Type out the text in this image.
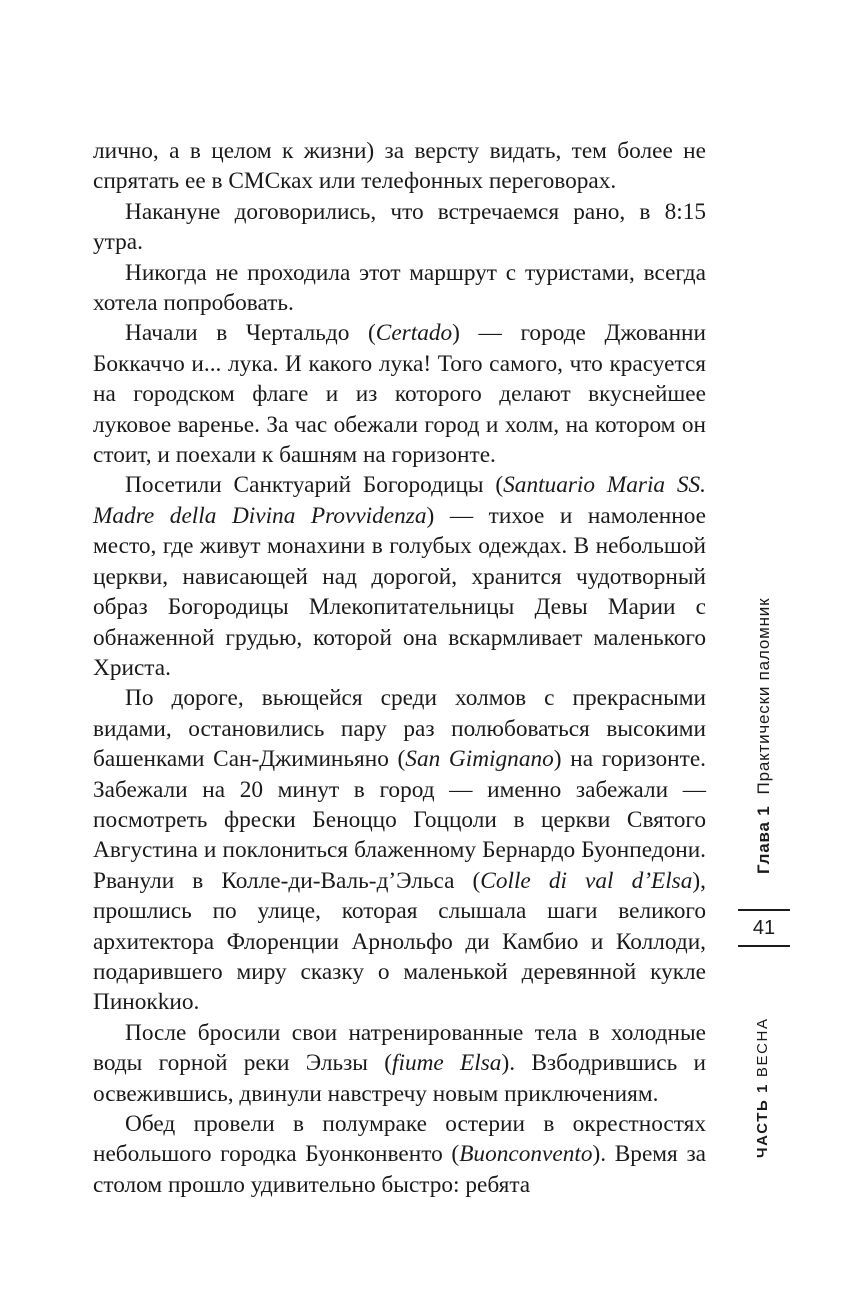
лично, а в целом к жизни) за версту видать, тем более не спрятать ее в СМСках или телефонных переговорах.

Накануне договорились, что встречаемся рано, в 8:15 утра.

Никогда не проходила этот маршрут с туристами, всегда хотела попробовать.

Начали в Чертальдо (Certado) — городе Джованни Боккаччо и... лука. И какого лука! Того самого, что красуется на городском флаге и из которого делают вкуснейшее луковое варенье. За час обежали город и холм, на котором он стоит, и поехали к башням на горизонте.

Посетили Санктуарий Богородицы (Santuario Maria SS. Madre della Divina Provvidenza) — тихое и намоленное место, где живут монахини в голубых одеждах. В небольшой церкви, нависающей над дорогой, хранится чудотворный образ Богородицы Млекопитательницы Девы Марии с обнаженной грудью, которой она вскармливает маленького Христа.

По дороге, вьющейся среди холмов с прекрасными видами, остановились пару раз полюбоваться высокими башенками Сан-Джиминьяно (San Gimignano) на горизонте. Забежали на 20 минут в город — именно забежали — посмотреть фрески Беноццо Гоццоли в церкви Святого Августина и поклониться блаженному Бернардо Буонпедони. Рванули в Колле-ди-Валь-д’Эльса (Colle di val d’Elsa), прошлись по улице, которая слышала шаги великого архитектора Флоренции Арнольфо ди Камбио и Коллоди, подарившего миру сказку о маленькой деревянной кукле Пинокkио.

После бросили свои натренированные тела в холодные воды горной реки Эльзы (fiume Elsa). Взбодрившись и освежившись, двинули навстречу новым приключениям.

Обед провели в полумраке остерии в окрестностях небольшого городка Буонконвенто (Buonconvento). Время за столом прошло удивительно быстро: ребята

Глава 1  Практически паломник
41
ЧАСТЬ 1 ВЕСНА
